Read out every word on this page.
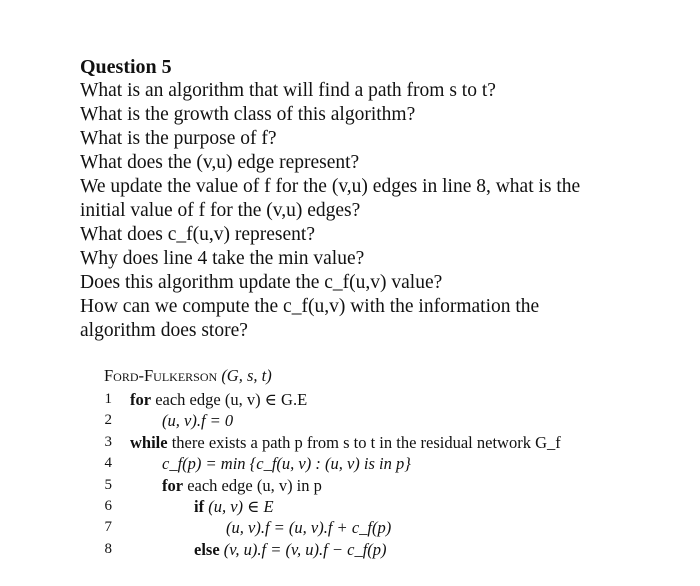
Question 5
What is an algorithm that will find a path from s to t?
What is the growth class of this algorithm?
What is the purpose of f?
What does the (v,u) edge represent?
We update the value of f for the (v,u) edges in line 8, what is the
initial value of f for the (v,u) edges?
What does c_f(u,v) represent?
Why does line 4 take the min value?
Does this algorithm update the c_f(u,v) value?
How can we compute the c_f(u,v) with the information the
algorithm does store?
Ford-Fulkerson (G, s, t)
1 for each edge (u, v) ∈ G.E
2	(u, v).f = 0
3 while there exists a path p from s to t in the residual network G_f
4	c_f(p) = min {c_f(u, v) : (u, v) is in p}
5	for each edge (u, v) in p
6	if (u, v) ∈ E
7	(u, v).f = (u, v).f + c_f(p)
8	else (v, u).f = (v, u).f − c_f(p)
